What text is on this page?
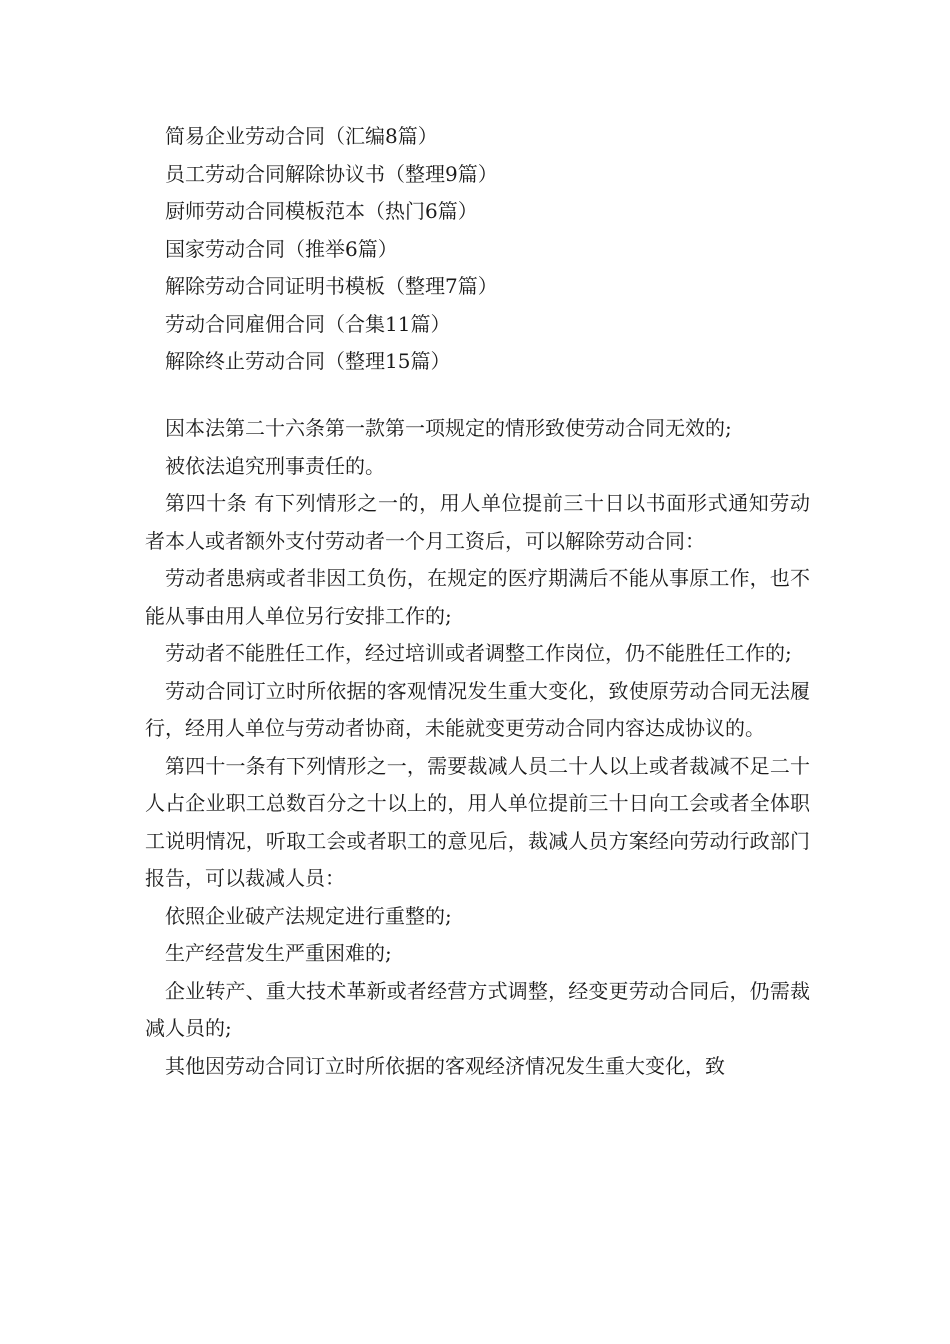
简易企业劳动合同（汇编8篇）
员工劳动合同解除协议书（整理9篇）
厨师劳动合同模板范本（热门6篇）
国家劳动合同（推举6篇）
解除劳动合同证明书模板（整理7篇）
劳动合同雇佣合同（合集11篇）
解除终止劳动合同（整理15篇）

因本法第二十六条第一款第一项规定的情形致使劳动合同无效的;

被依法追究刑事责任的。

第四十条 有下列情形之一的，用人单位提前三十日以书面形式通知劳动者本人或者额外支付劳动者一个月工资后，可以解除劳动合同：

劳动者患病或者非因工负伤，在规定的医疗期满后不能从事原工作，也不能从事由用人单位另行安排工作的;

劳动者不能胜任工作，经过培训或者调整工作岗位，仍不能胜任工作的;

劳动合同订立时所依据的客观情况发生重大变化，致使原劳动合同无法履行，经用人单位与劳动者协商，未能就变更劳动合同内容达成协议的。

第四十一条有下列情形之一，需要裁减人员二十人以上或者裁减不足二十人占企业职工总数百分之十以上的，用人单位提前三十日向工会或者全体职工说明情况，听取工会或者职工的意见后，裁减人员方案经向劳动行政部门报告，可以裁减人员：

依照企业破产法规定进行重整的;

生产经营发生严重困难的;

企业转产、重大技术革新或者经营方式调整，经变更劳动合同后，仍需裁减人员的;

其他因劳动合同订立时所依据的客观经济情况发生重大变化，致
